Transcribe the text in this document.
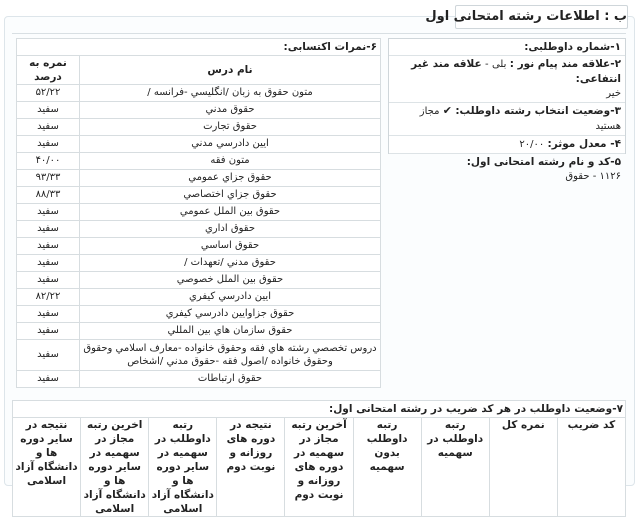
ب : اطلاعات رشته امتحانی اول
۱-شماره داوطلبی:
۲-علاقه مند پیام نور : بلی - علاقه مند غیر انتفاعی:
خیر
۳-وضعیت انتخاب رشته داوطلب: ✔ مجاز هستید
۴- معدل موثر: ۲۰/۰۰
۵-کد و نام رشته امتحانی اول:
۱۱۲۶ - حقوق
۶-نمرات اکتسابی:	
نام درس	نمره به درصد
متون حقوق به زبان /انگليسي -فرانسه /	۵۲/۲۲
حقوق مدني	سفید
حقوق تجارت	سفید
ايين دادرسي مدني	سفید
متون فقه	۴۰/۰۰
حقوق جزاي عمومي	۹۳/۳۳
حقوق جزاي اختصاصي	۸۸/۳۳
حقوق بين الملل عمومي	سفید
حقوق اداري	سفید
حقوق اساسي	سفید
حقوق مدني /تعهدات /	سفید
حقوق بين الملل خصوصي	سفید
ايين دادرسي كيفري	۸۲/۲۲
حقوق جزاوايين دادرسي كيفري	سفید
حقوق سازمان هاي بين المللي	سفید
دروس تخصصي رشته هاي فقه وحقوق خانواده -معارف اسلامي وحقوق وحقوق خانواده /اصول فقه -حقوق مدني /اشخاص	سفید
حقوق ارتباطات	سفید
۷-وضعیت داوطلب در هر کد ضریب در رشته امتحانی اول:
کد ضریب	نمره کل	رتبه داوطلب در سهمیه	رتبه داوطلب بدون سهمیه	آخرین رتبه مجاز در سهمیه در دوره های روزانه و نوبت دوم	نتیجه در دوره های روزانه و نوبت دوم	رتبه داوطلب در سهمیه در سایر دوره ها و دانشگاه آزاد اسلامی	اخرین رتبه مجاز در سهمیه در سایر دوره ها و دانشگاه آزاد اسلامی	نتیجه در سایر دوره ها و دانشگاه آزاد اسلامی
